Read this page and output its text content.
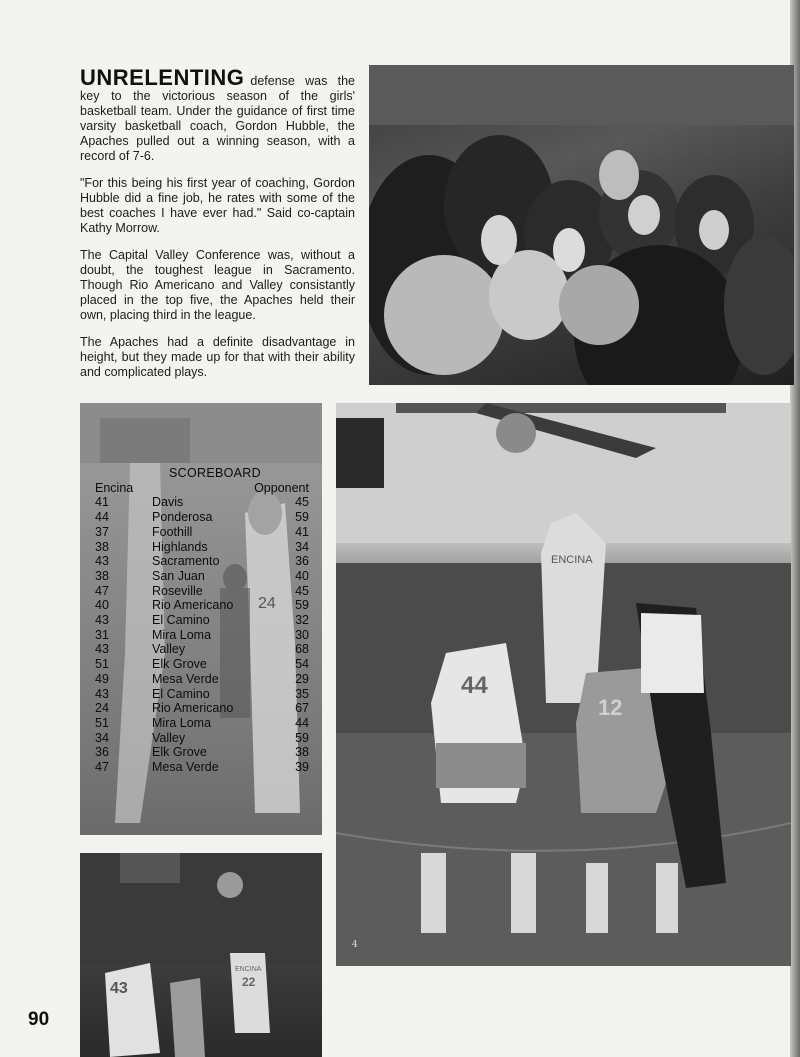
UNRELENTING defense was the key to the victorious season of the girls' basketball team. Under the guidance of first time varsity basketball coach, Gordon Hubble, the Apaches pulled out a winning season, with a record of 7-6.

"For this being his first year of coaching, Gordon Hubble did a fine job, he rates with some of the best coaches I have ever had." Said co-captain Kathy Morrow.

The Capital Valley Conference was, without a doubt, the toughest league in Sacramento. Though Rio Americano and Valley consistantly placed in the top five, the Apaches held their own, placing third in the league.

The Apaches had a definite disadvantage in height, but they made up for that with their ability and complicated plays.

24
SCOREBOARD
Encina	Opponent
41	Davis	45
44	Ponderosa	59
37	Foothill	41
38	Highlands	34
43	Sacramento	36
38	San Juan	40
47	Roseville	45
40	Rio Americano	59
43	El Camino	32
31	Mira Loma	30
43	Valley	68
51	Elk Grove	54
49	Mesa Verde	29
43	El Camino	35
24	Rio Americano	67
51	Mira Loma	44
34	Valley	59
36	Elk Grove	38
47	Mesa Verde	39
44
12
ENCINA
4
43	22
ENCINA
90
